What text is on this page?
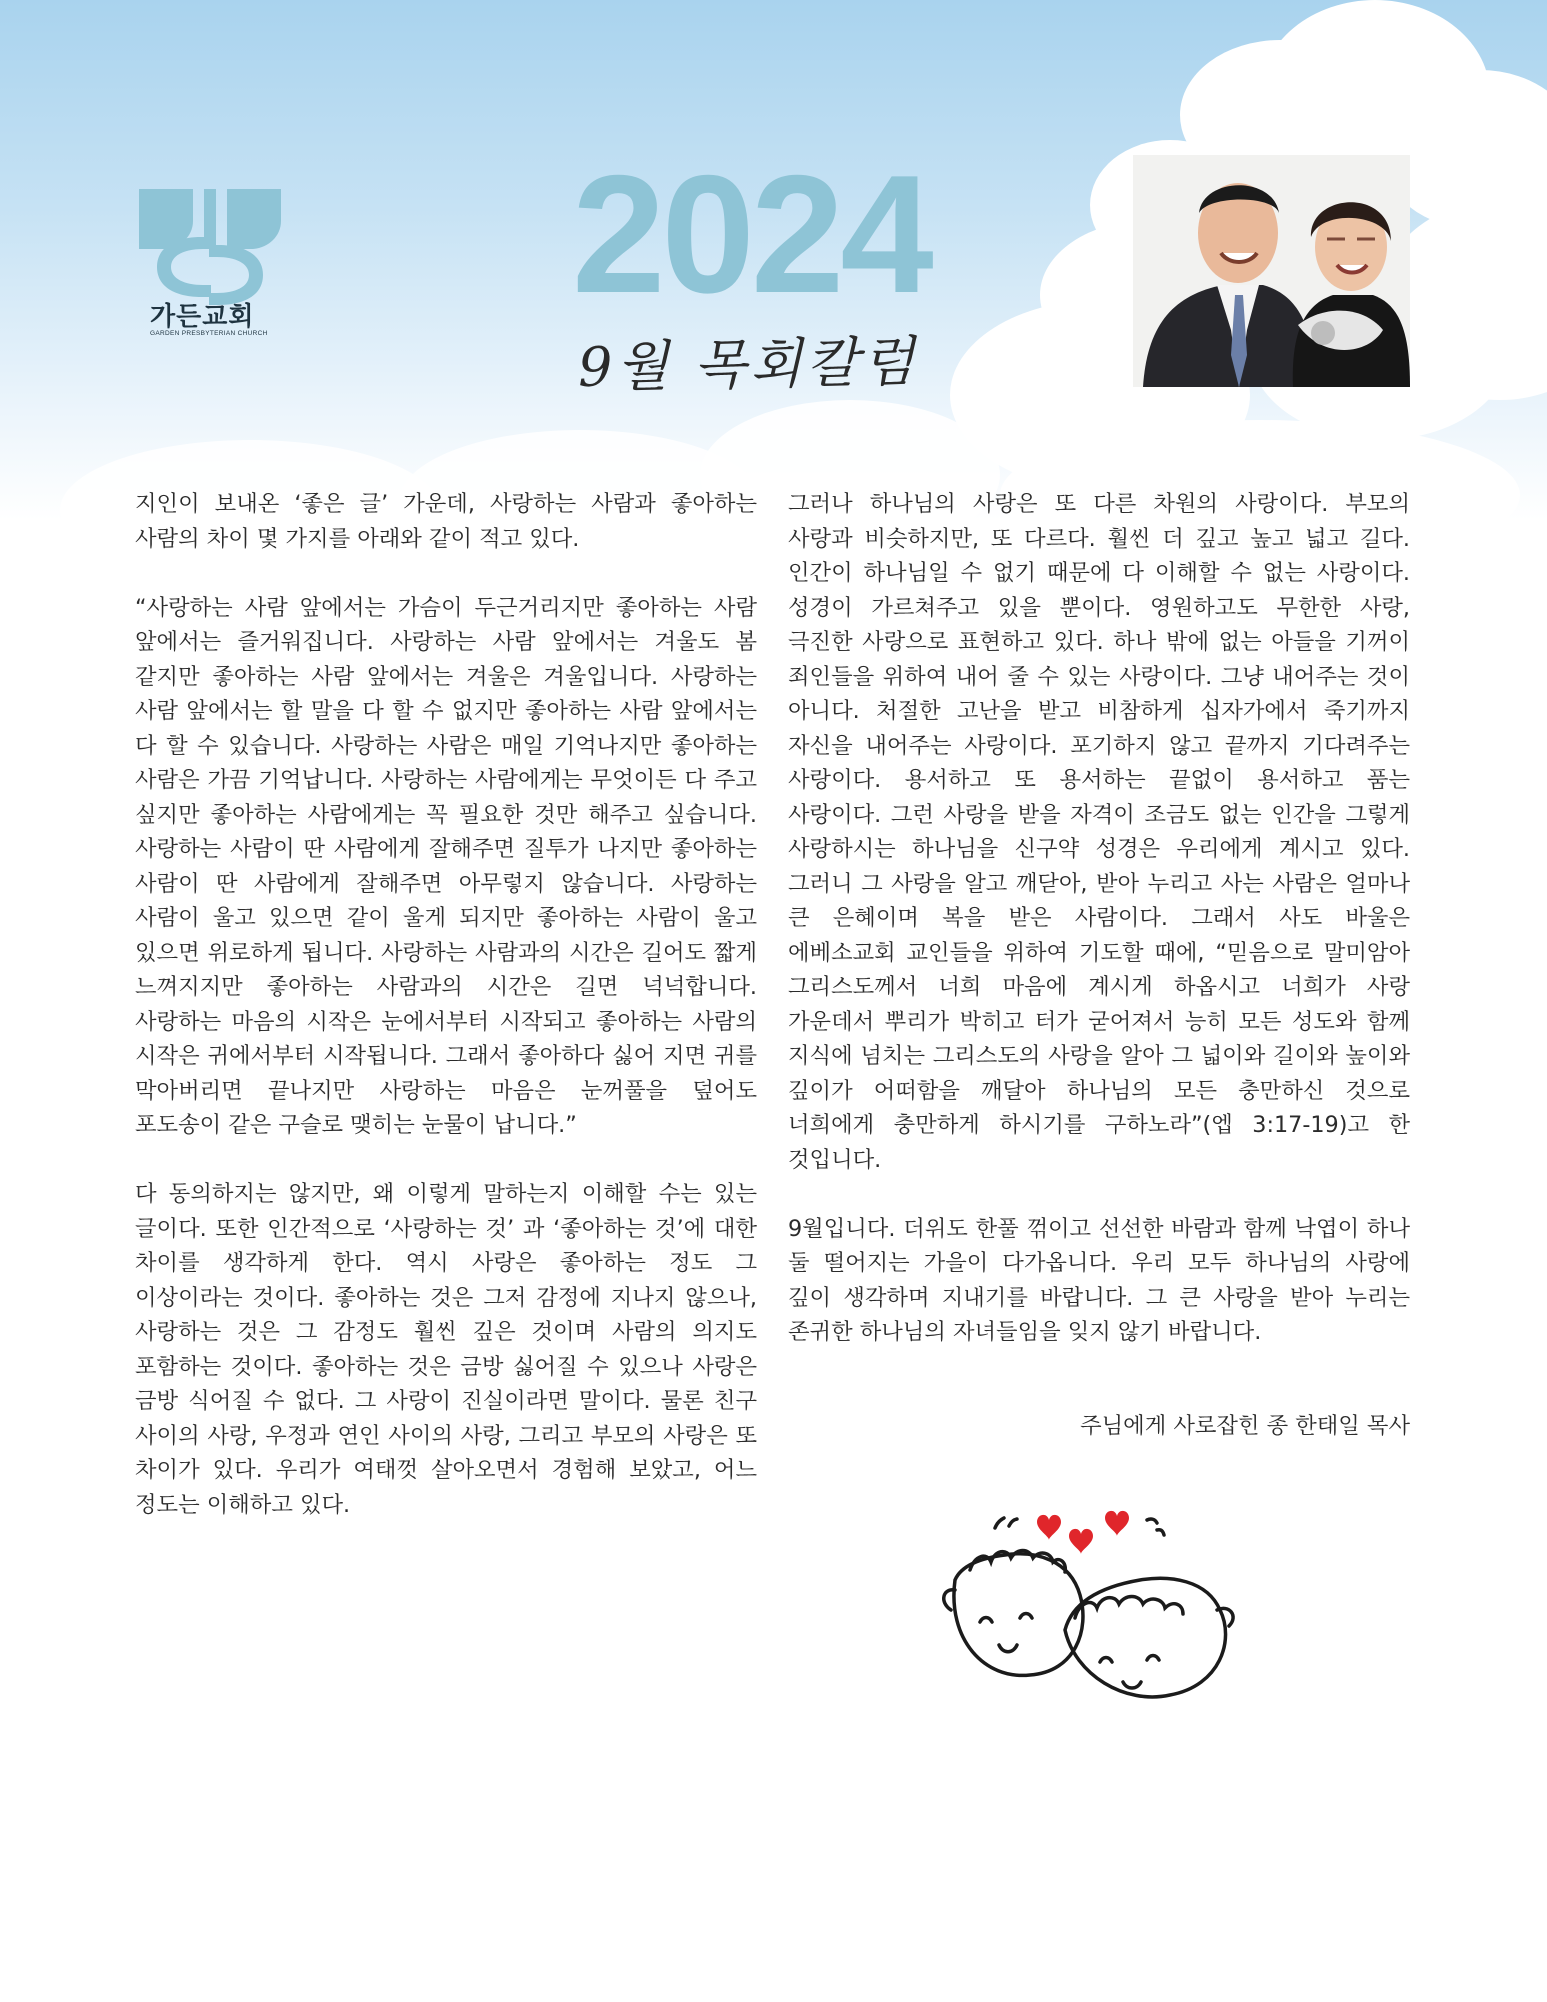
가든교회
GARDEN PRESBYTERIAN CHURCH
2024
9월 목회칼럼

지인이 보내온 ‘좋은 글’ 가운데, 사랑하는 사람과 좋아하는 사람의 차이 몇 가지를 아래와 같이 적고 있다.

“사랑하는 사람 앞에서는 가슴이 두근거리지만 좋아하는 사람 앞에서는 즐거워집니다. 사랑하는 사람 앞에서는 겨울도 봄 같지만 좋아하는 사람 앞에서는 겨울은 겨울입니다. 사랑하는 사람 앞에서는 할 말을 다 할 수 없지만 좋아하는 사람 앞에서는 다 할 수 있습니다. 사랑하는 사람은 매일 기억나지만 좋아하는 사람은 가끔 기억납니다. 사랑하는 사람에게는 무엇이든 다 주고 싶지만 좋아하는 사람에게는 꼭 필요한 것만 해주고 싶습니다. 사랑하는 사람이 딴 사람에게 잘해주면 질투가 나지만 좋아하는 사람이 딴 사람에게 잘해주면 아무렇지 않습니다. 사랑하는 사람이 울고 있으면 같이 울게 되지만 좋아하는 사람이 울고 있으면 위로하게 됩니다. 사랑하는 사람과의 시간은 길어도 짧게 느껴지지만 좋아하는 사람과의 시간은 길면 넉넉합니다. 사랑하는 마음의 시작은 눈에서부터 시작되고 좋아하는 사람의 시작은 귀에서부터 시작됩니다. 그래서 좋아하다 싫어 지면 귀를 막아버리면 끝나지만 사랑하는 마음은 눈꺼풀을 덮어도 포도송이 같은 구슬로 맺히는 눈물이 납니다.”

다 동의하지는 않지만, 왜 이렇게 말하는지 이해할 수는 있는 글이다. 또한 인간적으로 ‘사랑하는 것’ 과 ‘좋아하는 것’에 대한 차이를 생각하게 한다. 역시 사랑은 좋아하는 정도 그 이상이라는 것이다. 좋아하는 것은 그저 감정에 지나지 않으나, 사랑하는 것은 그 감정도 훨씬 깊은 것이며 사람의 의지도 포함하는 것이다. 좋아하는 것은 금방 싫어질 수 있으나 사랑은 금방 식어질 수 없다. 그 사랑이 진실이라면 말이다. 물론 친구 사이의 사랑, 우정과 연인 사이의 사랑, 그리고 부모의 사랑은 또 차이가 있다. 우리가 여태껏 살아오면서 경험해 보았고, 어느 정도는 이해하고 있다.

그러나 하나님의 사랑은 또 다른 차원의 사랑이다. 부모의 사랑과 비슷하지만, 또 다르다. 훨씬 더 깊고 높고 넓고 길다. 인간이 하나님일 수 없기 때문에 다 이해할 수 없는 사랑이다. 성경이 가르쳐주고 있을 뿐이다. 영원하고도 무한한 사랑, 극진한 사랑으로 표현하고 있다. 하나 밖에 없는 아들을 기꺼이 죄인들을 위하여 내어 줄 수 있는 사랑이다. 그냥 내어주는 것이 아니다. 처절한 고난을 받고 비참하게 십자가에서 죽기까지 자신을 내어주는 사랑이다. 포기하지 않고 끝까지 기다려주는 사랑이다. 용서하고 또 용서하는 끝없이 용서하고 품는 사랑이다. 그런 사랑을 받을 자격이 조금도 없는 인간을 그렇게 사랑하시는 하나님을 신구약 성경은 우리에게 계시고 있다. 그러니 그 사랑을 알고 깨닫아, 받아 누리고 사는 사람은 얼마나 큰 은혜이며 복을 받은 사람이다. 그래서 사도 바울은 에베소교회 교인들을 위하여 기도할 때에, “믿음으로 말미암아 그리스도께서 너희 마음에 계시게 하옵시고 너희가 사랑 가운데서 뿌리가 박히고 터가 굳어져서 능히 모든 성도와 함께 지식에 넘치는 그리스도의 사랑을 알아 그 넓이와 길이와 높이와 깊이가 어떠함을 깨달아 하나님의 모든 충만하신 것으로 너희에게 충만하게 하시기를 구하노라”(엡 3:17-19)고 한 것입니다.

9월입니다. 더위도 한풀 꺾이고 선선한 바람과 함께 낙엽이 하나 둘 떨어지는 가을이 다가옵니다. 우리 모두 하나님의 사랑에 깊이 생각하며 지내기를 바랍니다. 그 큰 사랑을 받아 누리는 존귀한 하나님의 자녀들임을 잊지 않기 바랍니다.

주님에게 사로잡힌 종 한태일 목사
